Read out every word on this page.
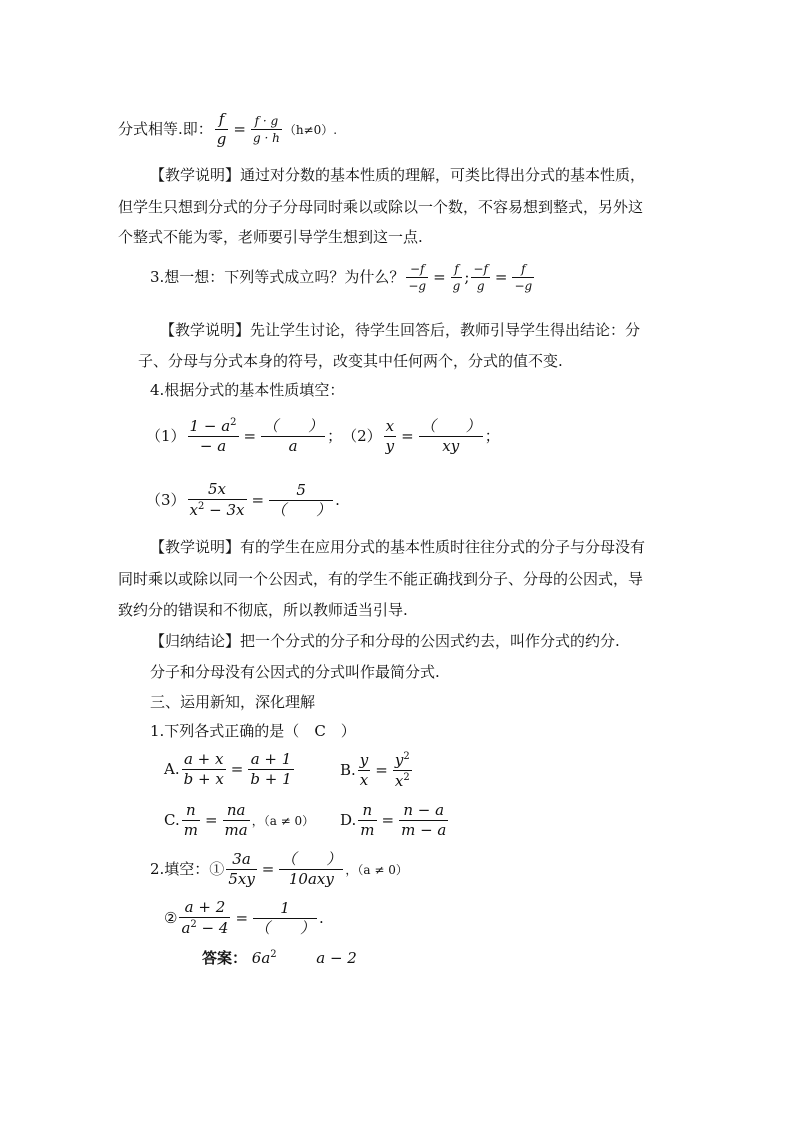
分式相等.即： $\frac{f}{g} = \frac{f \cdot g}{g \cdot h} (h\ne 0)$.
【教学说明】通过对分数的基本性质的理解，可类比得出分式的基本性质，
但学生只想到分式的分子分母同时乘以或除以一个数，不容易想到整式，另外这
个整式不能为零，老师要引导学生想到这一点.
3.想一想：下列等式成立吗？为什么？ $\frac{-f}{-g} = \frac{f}{g}$ ; $\frac{-f}{g} = \frac{f}{-g}$
【教学说明】先让学生讨论，待学生回答后，教师引导学生得出结论：分
子、分母与分式本身的符号，改变其中任何两个，分式的值不变.
4.根据分式的基本性质填空：
$(1) \frac{1 - a^2}{- a} = \frac{( )}{a}$ ； $(2) \frac{x}{y} = \frac{( )}{xy}$ ；
$(3) \frac{5x}{x^2 - 3x} = \frac{5}{( )}$ .
【教学说明】有的学生在应用分式的基本性质时往往分式的分子与分母没有
同时乘以或除以同一个公因式，有的学生不能正确找到分子、分母的公因式，导
致约分的错误和不彻底，所以教师适当引导.
【归纳结论】把一个分式的分子和分母的公因式约去，叫作分式的约分.
分子和分母没有公因式的分式叫作最简分式.
三、运用新知，深化理解
1.下列各式正确的是（　C　）
A. $\frac{a + x}{b + x} = \frac{a + 1}{b + 1}$	B. $\frac{y}{x} = \frac{y^2}{x^2}$
C. $\frac{n}{m} = \frac{na}{ma}$ ，（a ≠ 0） D. $\frac{n}{m} = \frac{n - a}{m - a}$
2.填空：① $\frac{3a}{5xy} = \frac{( )}{\text{10axy}}$ ，（a ≠ 0）
② $\frac{a + 2}{a^2 - 4} = \frac{1}{( )}$ .
答案： $6a^2$	a − 2
